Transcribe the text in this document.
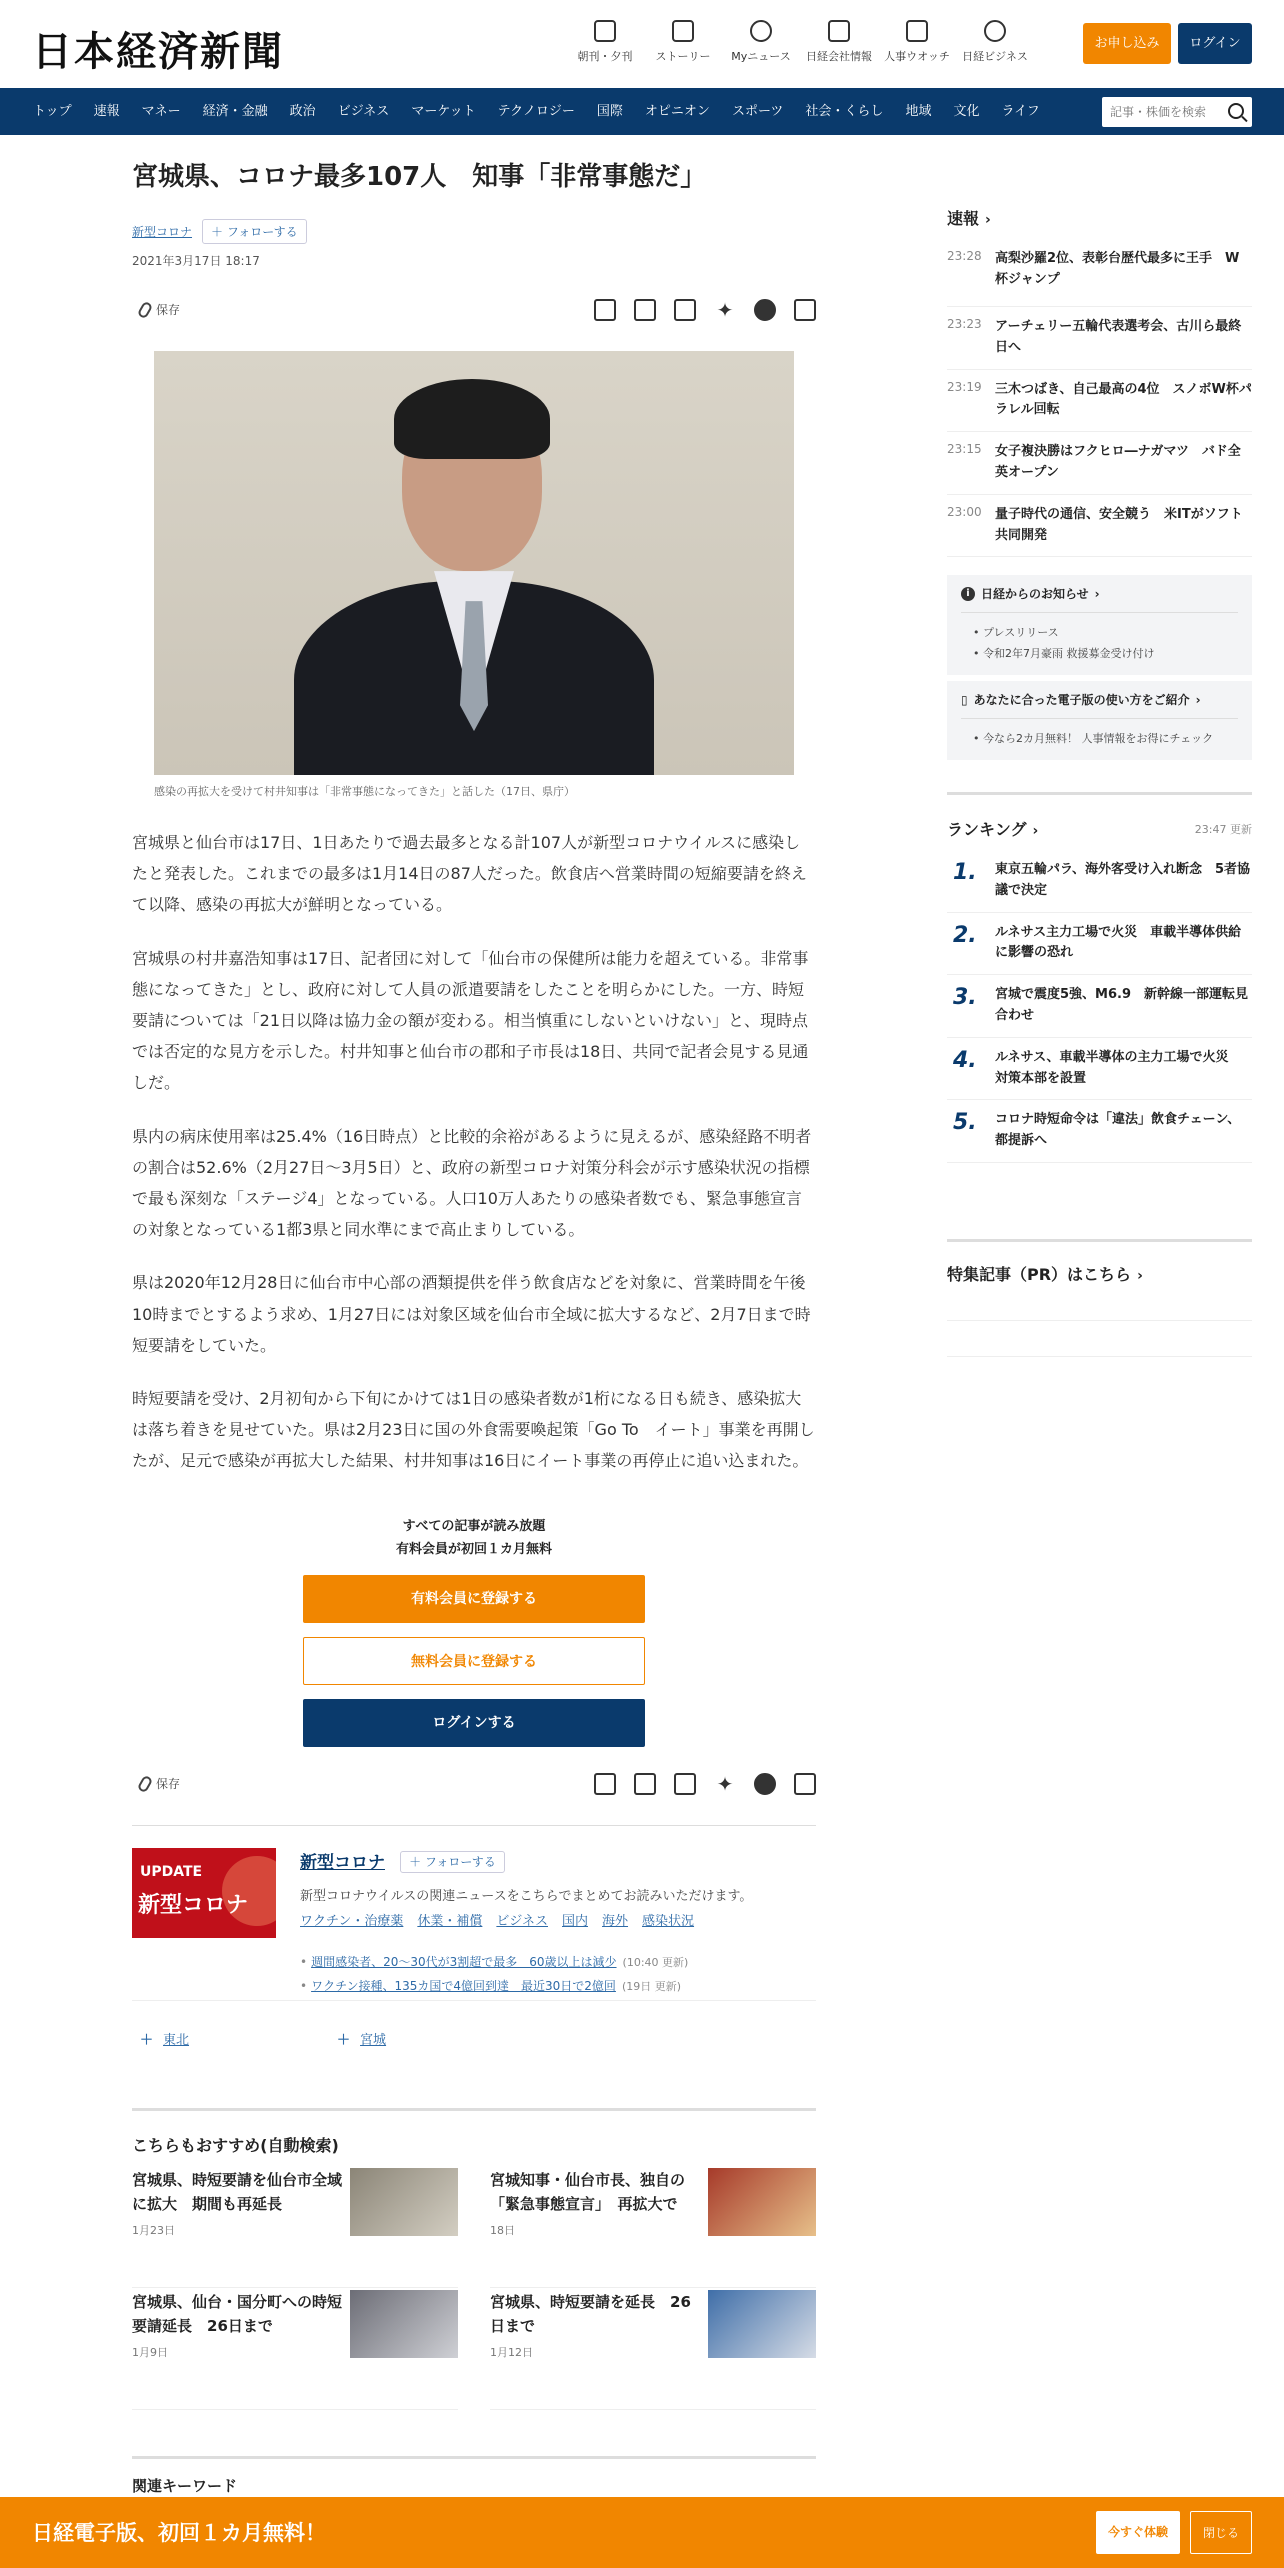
日本経済新聞	朝刊・夕刊	ストーリー	Myニュース	日経会社情報	人事ウオッチ	日経ビジネス
お申し込み	ログイン
トップ	速報	マネー	経済・金融	政治	ビジネス	マーケット	テクノロジー	国際	オピニオン	スポーツ	社会・くらし	地域	文化	ライフ
記事・株価を検索
宮城県、コロナ最多107人　知事「非常事態だ」
新型コロナ	＋ フォローする
2021年3月17日 18:17
保存	✦
感染の再拡大を受けて村井知事は「非常事態になってきた」と話した（17日、県庁）

宮城県と仙台市は17日、1日あたりで過去最多となる計107人が新型コロナウイルスに感染したと発表した。これまでの最多は1月14日の87人だった。飲食店へ営業時間の短縮要請を終えて以降、感染の再拡大が鮮明となっている。

宮城県の村井嘉浩知事は17日、記者団に対して「仙台市の保健所は能力を超えている。非常事態になってきた」とし、政府に対して人員の派遣要請をしたことを明らかにした。一方、時短要請については「21日以降は協力金の額が変わる。相当慎重にしないといけない」と、現時点では否定的な見方を示した。村井知事と仙台市の郡和子市長は18日、共同で記者会見する見通しだ。

県内の病床使用率は25.4%（16日時点）と比較的余裕があるように見えるが、感染経路不明者の割合は52.6%（2月27日～3月5日）と、政府の新型コロナ対策分科会が示す感染状況の指標で最も深刻な「ステージ4」となっている。人口10万人あたりの感染者数でも、緊急事態宣言の対象となっている1都3県と同水準にまで高止まりしている。

県は2020年12月28日に仙台市中心部の酒類提供を伴う飲食店などを対象に、営業時間を午後10時までとするよう求め、1月27日には対象区域を仙台市全域に拡大するなど、2月7日まで時短要請をしていた。

時短要請を受け、2月初旬から下旬にかけては1日の感染者数が1桁になる日も続き、感染拡大は落ち着きを見せていた。県は2月23日に国の外食需要喚起策「Go To　イート」事業を再開したが、足元で感染が再拡大した結果、村井知事は16日にイート事業の再停止に追い込まれた。

すべての記事が読み放題
有料会員が初回１カ月無料
有料会員に登録する
無料会員に登録する
ログインする
保存	✦
UPDATE
新型コロナ
新型コロナ ＋ フォローする
新型コロナウイルスの関連ニュースをこちらでまとめてお読みいただけます。
ワクチン・治療薬 休業・補償 ビジネス 国内 海外 感染状況
• 週間感染者、20～30代が3割超で最多　60歳以上は減少 (10:40 更新)
• ワクチン接種、135カ国で4億回到達　最近30日で2億回 (19日 更新)
＋ 東北	＋ 宮城
こちらもおすすめ(自動検索)
宮城県、時短要請を仙台市全域に拡大　期間も再延長
1月23日
宮城知事・仙台市長、独自の「緊急事態宣言」　再拡大で
18日
宮城県、仙台・国分町への時短要請延長　26日まで
1月9日
宮城県、時短要請を延長　26日まで
1月12日
関連キーワード
速報 ›
23:28	高梨沙羅2位、表彰台歴代最多に王手　W杯ジャンプ
23:23	アーチェリー五輪代表選考会、古川ら最終日へ
23:19	三木つばき、自己最高の4位　スノボW杯パラレル回転
23:15	女子複決勝はフクヒロ―ナガマツ　バド全英オープン
23:00	量子時代の通信、安全競う　米ITがソフト共同開発
i 日経からのお知らせ ›
• プレスリリース
• 令和2年7月豪雨 救援募金受け付け
▯ あなたに合った電子版の使い方をご紹介 ›
• 今なら2カ月無料！ 人事情報をお得にチェック
ランキング ›	23:47 更新
1.	東京五輪パラ、海外客受け入れ断念　5者協議で決定
2.	ルネサス主力工場で火災　車載半導体供給に影響の恐れ
3.	宮城で震度5強、M6.9　新幹線一部運転見合わせ
4.	ルネサス、車載半導体の主力工場で火災　対策本部を設置
5.	コロナ時短命令は「違法」飲食チェーン、都提訴へ
特集記事（PR）はこちら ›
日経電子版、初回１カ月無料！	今すぐ体験	閉じる
